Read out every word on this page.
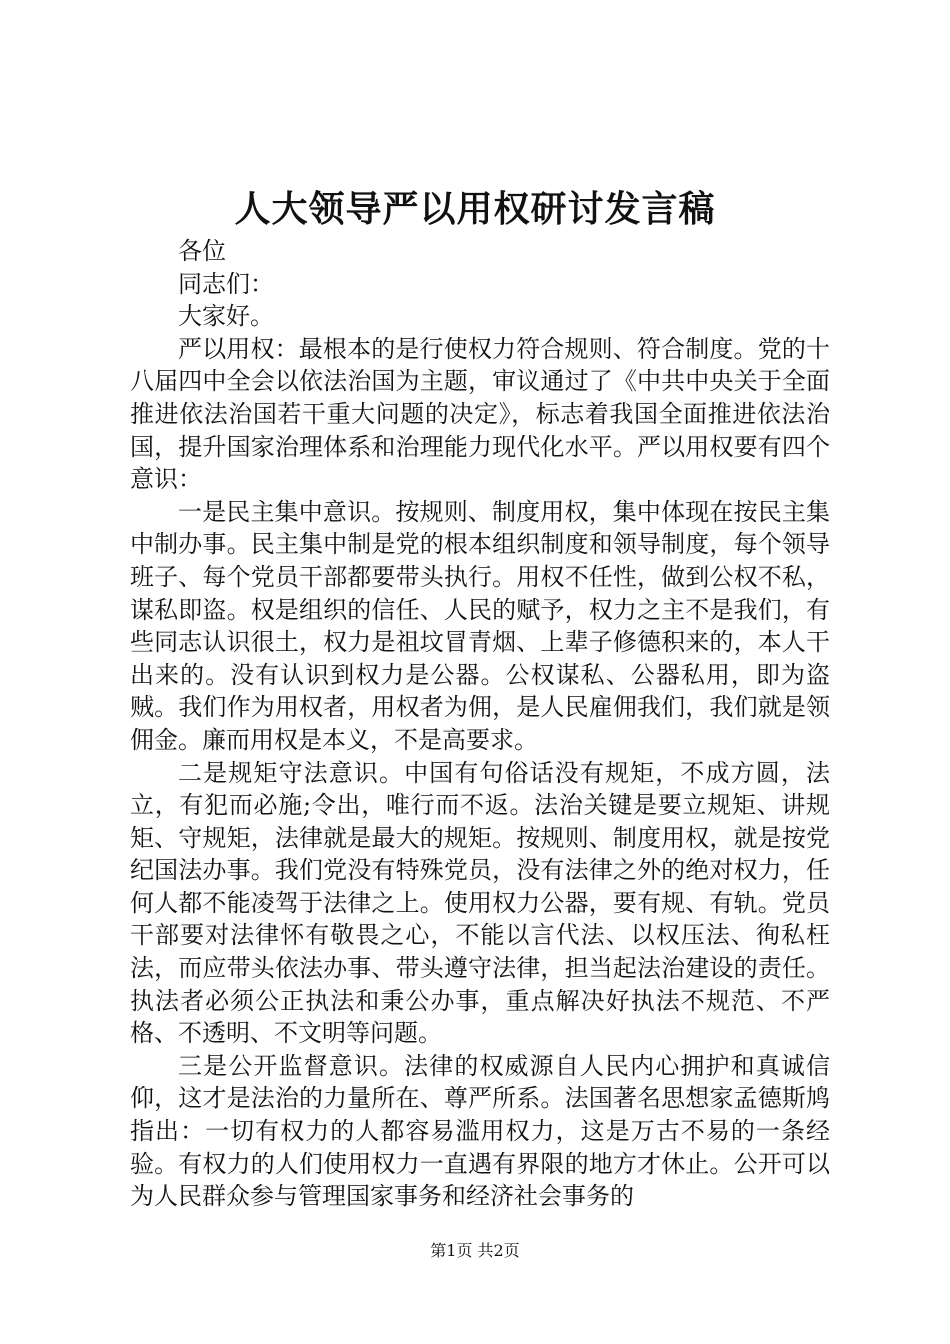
人大领导严以用权研讨发言稿

各位

同志们：

大家好。

严以用权：最根本的是行使权力符合规则、符合制度。党的十八届四中全会以依法治国为主题，审议通过了《中共中央关于全面推进依法治国若干重大问题的决定》，标志着我国全面推进依法治国，提升国家治理体系和治理能力现代化水平。严以用权要有四个意识：

一是民主集中意识。按规则、制度用权，集中体现在按民主集中制办事。民主集中制是党的根本组织制度和领导制度，每个领导班子、每个党员干部都要带头执行。用权不任性，做到公权不私，谋私即盗。权是组织的信任、人民的赋予，权力之主不是我们，有些同志认识很土，权力是祖坟冒青烟、上辈子修德积来的，本人干出来的。没有认识到权力是公器。公权谋私、公器私用，即为盗贼。我们作为用权者，用权者为佣，是人民雇佣我们，我们就是领佣金。廉而用权是本义，不是高要求。

二是规矩守法意识。中国有句俗话没有规矩，不成方圆，法立，有犯而必施;令出，唯行而不返。法治关键是要立规矩、讲规矩、守规矩，法律就是最大的规矩。按规则、制度用权，就是按党纪国法办事。我们党没有特殊党员，没有法律之外的绝对权力，任何人都不能凌驾于法律之上。使用权力公器，要有规、有轨。党员干部要对法律怀有敬畏之心，不能以言代法、以权压法、徇私枉法，而应带头依法办事、带头遵守法律，担当起法治建设的责任。执法者必须公正执法和秉公办事，重点解决好执法不规范、不严格、不透明、不文明等问题。

三是公开监督意识。法律的权威源自人民内心拥护和真诚信仰，这才是法治的力量所在、尊严所系。法国著名思想家孟德斯鸠指出：一切有权力的人都容易滥用权力，这是万古不易的一条经验。有权力的人们使用权力一直遇有界限的地方才休止。公开可以为人民群众参与管理国家事务和经济社会事务的

第1页 共2页
